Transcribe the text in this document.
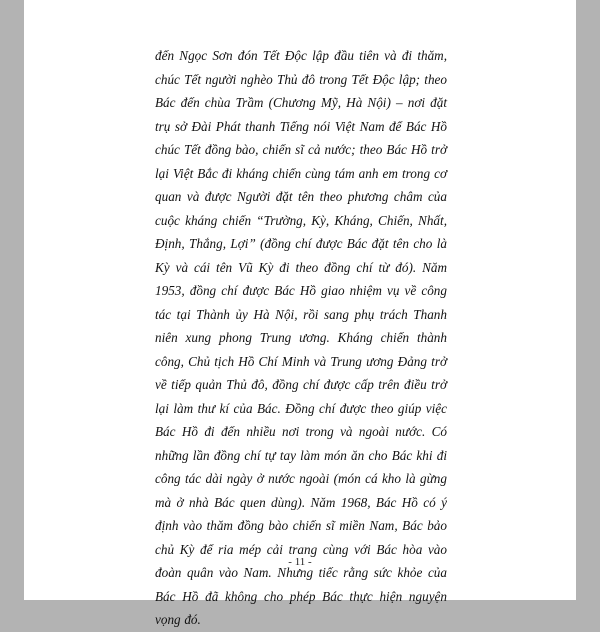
đến Ngọc Sơn đón Tết Độc lập đầu tiên và đi thăm, chúc Tết người nghèo Thủ đô trong Tết Độc lập; theo Bác đến chùa Trầm (Chương Mỹ, Hà Nội) – nơi đặt trụ sở Đài Phát thanh Tiếng nói Việt Nam để Bác Hồ chúc Tết đồng bào, chiến sĩ cả nước; theo Bác Hồ trở lại Việt Bắc đi kháng chiến cùng tám anh em trong cơ quan và được Người đặt tên theo phương châm của cuộc kháng chiến “Trường, Kỳ, Kháng, Chiến, Nhất, Định, Thắng, Lợi” (đồng chí được Bác đặt tên cho là Kỳ và cái tên Vũ Kỳ đi theo đồng chí từ đó). Năm 1953, đồng chí được Bác Hồ giao nhiệm vụ về công tác tại Thành ủy Hà Nội, rồi sang phụ trách Thanh niên xung phong Trung ương. Kháng chiến thành công, Chủ tịch Hồ Chí Minh và Trung ương Đảng trở về tiếp quản Thủ đô, đồng chí được cấp trên điều trở lại làm thư kí của Bác. Đồng chí được theo giúp việc Bác Hồ đi đến nhiều nơi trong và ngoài nước. Có những lần đồng chí tự tay làm món ăn cho Bác khi đi công tác dài ngày ở nước ngoài (món cá kho là gừng mà ở nhà Bác quen dùng). Năm 1968, Bác Hồ có ý định vào thăm đồng bào chiến sĩ miền Nam, Bác bảo chủ Kỳ để ria mép cải trang cùng với Bác hòa vào đoàn quân vào Nam. Nhưng tiếc rằng sức khỏe của Bác Hồ đã không cho phép Bác thực hiện nguyện vọng đó.

- 11 -
